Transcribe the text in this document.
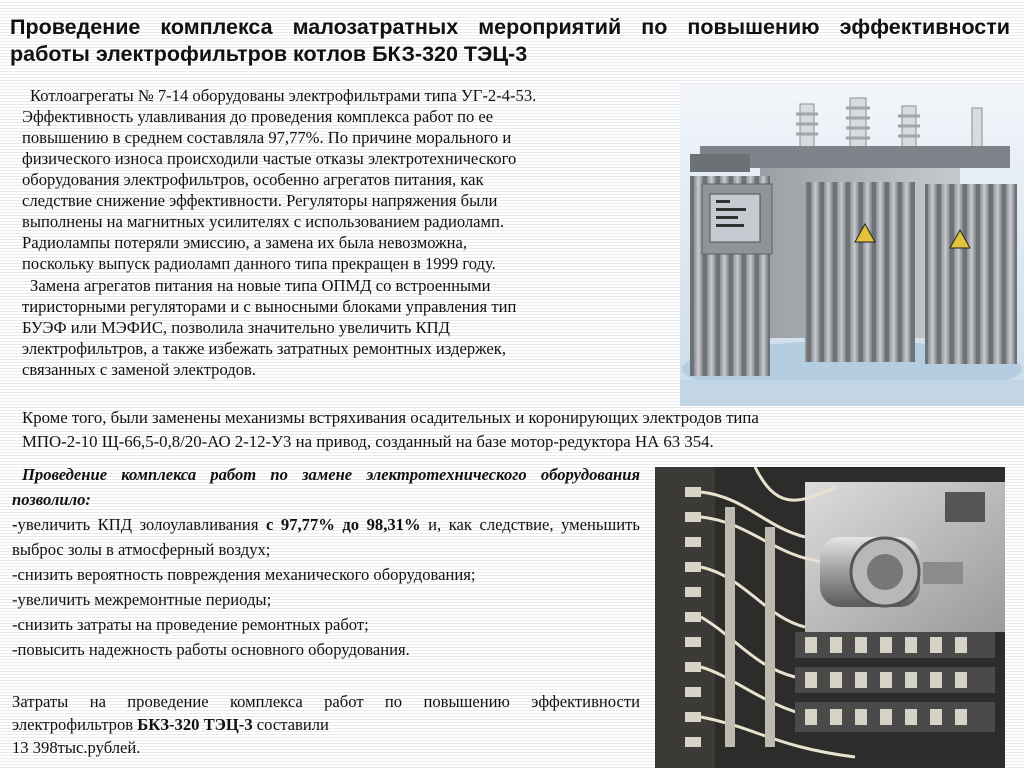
Проведение комплекса малозатратных мероприятий по повышению эффективности работы электрофильтров котлов БКЗ-320 ТЭЦ-3

Котлоагрегаты № 7-14 оборудованы электрофильтрами типа УГ-2-4-53.

Эффективность улавливания до проведения комплекса работ по ее

повышению в среднем составляла 97,77%. По причине морального и

физического износа происходили частые отказы электротехнического

оборудования электрофильтров, особенно агрегатов питания, как

следствие снижение эффективности. Регуляторы напряжения были

выполнены на магнитных усилителях с использованием радиоламп.

Радиолампы потеряли эмиссию, а замена их была невозможна,

поскольку выпуск радиоламп данного типа прекращен в 1999 году.

Замена агрегатов питания на новые типа ОПМД со встроенными

тиристорными регуляторами и с выносными блоками управления тип

БУЭФ или МЭФИС, позволила значительно увеличить КПД

электрофильтров, а также избежать затратных ремонтных издержек,

связанных с заменой электродов.

Кроме того, были заменены механизмы встряхивания осадительных и коронирующих электродов типа

МПО-2-10 Щ-66,5-0,8/20-АО 2-12-У3 на привод, созданный на базе мотор-редуктора НА 63 354.

Проведение комплекса работ по замене электротехнического оборудования позволило:

-увеличить КПД золоулавливания с 97,77% до 98,31% и, как следствие, уменьшить выброс золы в атмосферный воздух;

-снизить вероятность повреждения механического оборудования;

-увеличить межремонтные периоды;

-снизить затраты на проведение ремонтных работ;

-повысить надежность работы основного оборудования.

Затраты на проведение комплекса работ по повышению эффективности электрофильтров БКЗ-320 ТЭЦ-3 составили

13 398тыс.рублей.
